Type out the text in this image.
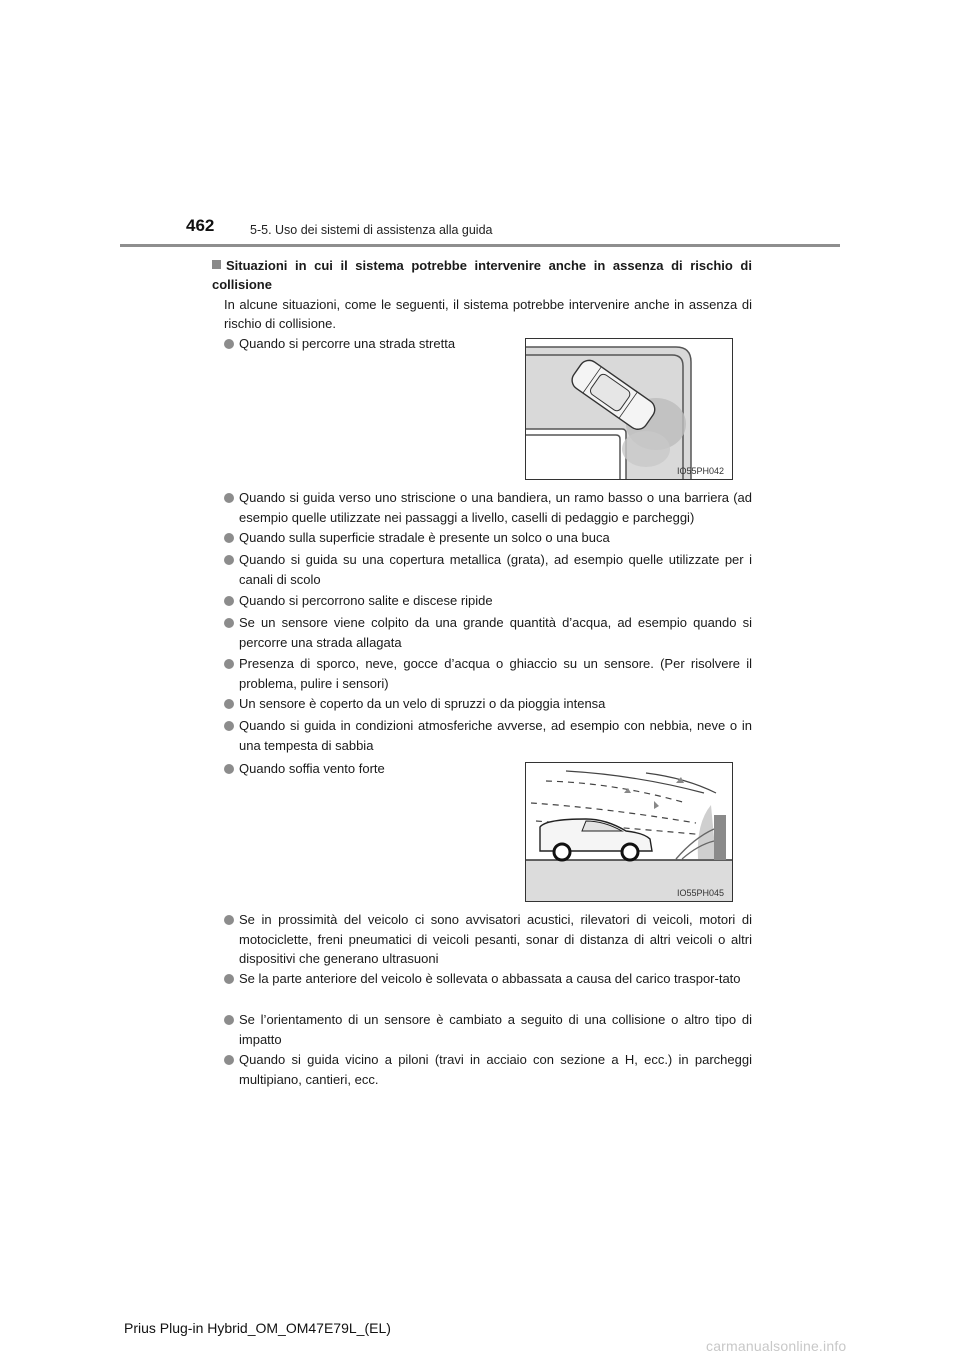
462	5-5. Uso dei sistemi di assistenza alla guida
Situazioni in cui il sistema potrebbe intervenire anche in assenza di rischio di collisione
In alcune situazioni, come le seguenti, il sistema potrebbe intervenire anche in assenza di rischio di collisione.
Quando si percorre una strada stretta
IO55PH042
Quando si guida verso uno striscione o una bandiera, un ramo basso o una barriera (ad esempio quelle utilizzate nei passaggi a livello, caselli di pedaggio e parcheggi)
Quando sulla superficie stradale è presente un solco o una buca
Quando si guida su una copertura metallica (grata), ad esempio quelle utilizzate per i canali di scolo
Quando si percorrono salite e discese ripide
Se un sensore viene colpito da una grande quantità d’acqua, ad esempio quando si percorre una strada allagata
Presenza di sporco, neve, gocce d’acqua o ghiaccio su un sensore. (Per risolvere il problema, pulire i sensori)
Un sensore è coperto da un velo di spruzzi o da pioggia intensa
Quando si guida in condizioni atmosferiche avverse, ad esempio con nebbia, neve o in una tempesta di sabbia
Quando soffia vento forte
IO55PH045
Se in prossimità del veicolo ci sono avvisatori acustici, rilevatori di veicoli, motori di motociclette, freni pneumatici di veicoli pesanti, sonar di distanza di altri veicoli o altri dispositivi che generano ultrasuoni
Se la parte anteriore del veicolo è sollevata o abbassata a causa del carico traspor-tato
Se l’orientamento di un sensore è cambiato a seguito di una collisione o altro tipo di impatto
Quando si guida vicino a piloni (travi in acciaio con sezione a H, ecc.) in parcheggi multipiano, cantieri, ecc.
Prius Plug-in Hybrid_OM_OM47E79L_(EL)
carmanualsonline.info
